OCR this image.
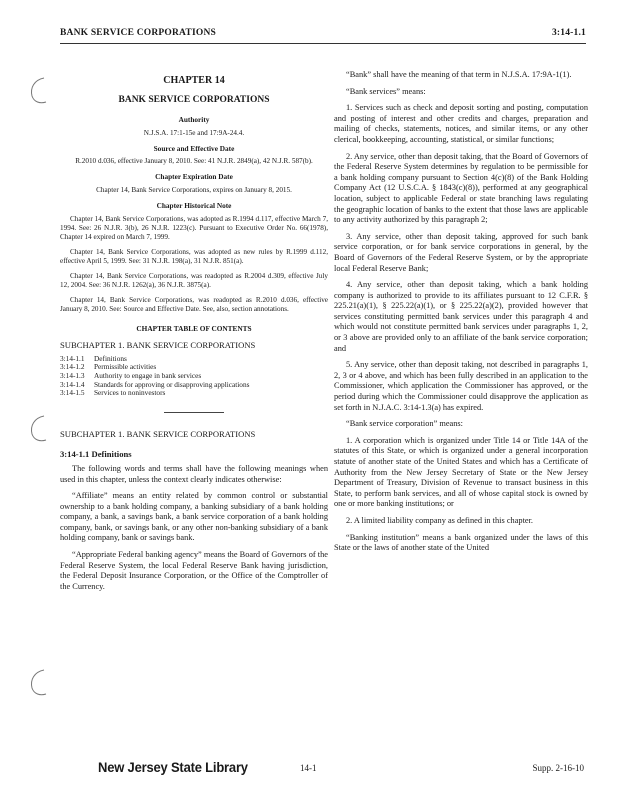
BANK SERVICE CORPORATIONS	3:14-1.1
CHAPTER 14
BANK SERVICE CORPORATIONS
Authority
N.J.S.A. 17:1-15e and 17:9A-24.4.
Source and Effective Date
R.2010 d.036, effective January 8, 2010. See: 41 N.J.R. 2849(a), 42 N.J.R. 587(b).
Chapter Expiration Date
Chapter 14, Bank Service Corporations, expires on January 8, 2015.
Chapter Historical Note
Chapter 14, Bank Service Corporations, was adopted as R.1994 d.117, effective March 7, 1994. See: 26 N.J.R. 3(b), 26 N.J.R. 1223(c). Pursuant to Executive Order No. 66(1978), Chapter 14 expired on March 7, 1999.
Chapter 14, Bank Service Corporations, was adopted as new rules by R.1999 d.112, effective April 5, 1999. See: 31 N.J.R. 198(a), 31 N.J.R. 851(a).
Chapter 14, Bank Service Corporations, was readopted as R.2004 d.309, effective July 12, 2004. See: 36 N.J.R. 1262(a), 36 N.J.R. 3875(a).
Chapter 14, Bank Service Corporations, was readopted as R.2010 d.036, effective January 8, 2010. See: Source and Effective Date. See, also, section annotations.
CHAPTER TABLE OF CONTENTS
SUBCHAPTER 1. BANK SERVICE CORPORATIONS
3:14-1.1	Definitions
3:14-1.2	Permissible activities
3:14-1.3	Authority to engage in bank services
3:14-1.4	Standards for approving or disapproving applications
3:14-1.5	Services to noninvestors
SUBCHAPTER 1. BANK SERVICE CORPORATIONS
3:14-1.1 Definitions

The following words and terms shall have the following meanings when used in this chapter, unless the context clearly indicates otherwise:

“Affiliate” means an entity related by common control or substantial ownership to a bank holding company, a banking subsidiary of a bank holding company, a bank, a savings bank, a bank service corporation of a bank holding company, bank, or savings bank, or any other non-banking subsidiary of a bank holding company, bank or savings bank.

“Appropriate Federal banking agency” means the Board of Governors of the Federal Reserve System, the local Federal Reserve Bank having jurisdiction, the Federal Deposit Insurance Corporation, or the Office of the Comptroller of the Currency.

“Bank” shall have the meaning of that term in N.J.S.A. 17:9A-1(1).

“Bank services” means:

1. Services such as check and deposit sorting and posting, computation and posting of interest and other credits and charges, preparation and mailing of checks, statements, notices, and similar items, or any other clerical, bookkeeping, accounting, statistical, or similar functions;

2. Any service, other than deposit taking, that the Board of Governors of the Federal Reserve System determines by regulation to be permissible for a bank holding company pursuant to Section 4(c)(8) of the Bank Holding Company Act (12 U.S.C.A. § 1843(c)(8)), performed at any geographical location, subject to applicable Federal or state branching laws regulating the geographic location of banks to the extent that those laws are applicable to any activity authorized by this paragraph 2;

3. Any service, other than deposit taking, approved for such bank service corporation, or for bank service corporations in general, by the Board of Governors of the Federal Reserve System, or by the appropriate local Federal Reserve Bank;

4. Any service, other than deposit taking, which a bank holding company is authorized to provide to its affiliates pursuant to 12 C.F.R. § 225.21(a)(1), § 225.22(a)(1), or § 225.22(a)(2), provided however that services constituting permitted bank services under this paragraph 4 and which would not constitute permitted bank services under paragraphs 1, 2, or 3 above are provided only to an affiliate of the bank service corporation; and

5. Any service, other than deposit taking, not described in paragraphs 1, 2, 3 or 4 above, and which has been fully described in an application to the Commissioner, which application the Commissioner has approved, or the period during which the Commissioner could disapprove the application as set forth in N.J.A.C. 3:14-1.3(a) has expired.

“Bank service corporation” means:

1. A corporation which is organized under Title 14 or Title 14A of the statutes of this State, or which is organized under a general incorporation statute of another state of the United States and which has a Certificate of Authority from the New Jersey Secretary of State or the New Jersey Department of Treasury, Division of Revenue to transact business in this State, to perform bank services, and all of whose capital stock is owned by one or more banking institutions; or

2. A limited liability company as defined in this chapter.

“Banking institution” means a bank organized under the laws of this State or the laws of another state of the United

New Jersey State Library	14-1	Supp. 2-16-10
